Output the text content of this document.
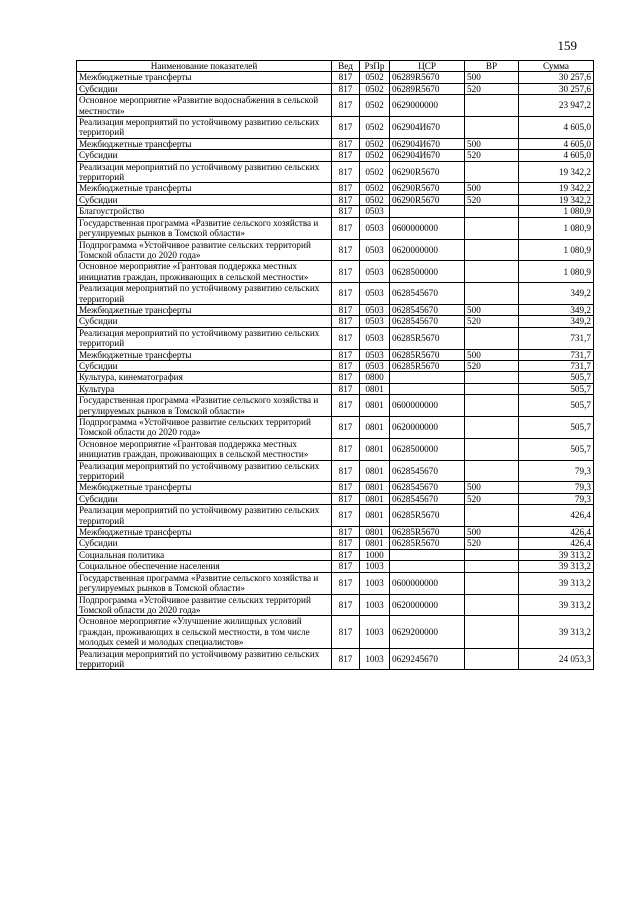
159
Наименование показателей	Вед	РзПр	ЦСР	ВР	Сумма
Межбюджетные трансферты	817	0502	06289R5670	500	30 257,6
Субсидии	817	0502	06289R5670	520	30 257,6
Основное мероприятие «Развитие водоснабжения в сельской местности»	817	0502	0629000000		23 947,2
Реализация мероприятий по устойчивому развитию сельских территорий	817	0502	062904И670		4 605,0
Межбюджетные трансферты	817	0502	062904И670	500	4 605,0
Субсидии	817	0502	062904И670	520	4 605,0
Реализация мероприятий по устойчивому развитию сельских территорий	817	0502	06290R5670		19 342,2
Межбюджетные трансферты	817	0502	06290R5670	500	19 342,2
Субсидии	817	0502	06290R5670	520	19 342,2
Благоустройство	817	0503			1 080,9
Государственная программа «Развитие сельского хозяйства и регулируемых рынков в Томской области»	817	0503	0600000000		1 080,9
Подпрограмма «Устойчивое развитие сельских территорий Томской области до 2020 года»	817	0503	0620000000		1 080,9
Основное мероприятие «Грантовая поддержка местных инициатив граждан, проживающих в сельской местности»	817	0503	0628500000		1 080,9
Реализация мероприятий по устойчивому развитию сельских территорий	817	0503	0628545670		349,2
Межбюджетные трансферты	817	0503	0628545670	500	349,2
Субсидии	817	0503	0628545670	520	349,2
Реализация мероприятий по устойчивому развитию сельских территорий	817	0503	06285R5670		731,7
Межбюджетные трансферты	817	0503	06285R5670	500	731,7
Субсидии	817	0503	06285R5670	520	731,7
Культура, кинематография	817	0800			505,7
Культура	817	0801			505,7
Государственная программа «Развитие сельского хозяйства и регулируемых рынков в Томской области»	817	0801	0600000000		505,7
Подпрограмма «Устойчивое развитие сельских территорий Томской области до 2020 года»	817	0801	0620000000		505,7
Основное мероприятие «Грантовая поддержка местных инициатив граждан, проживающих в сельской местности»	817	0801	0628500000		505,7
Реализация мероприятий по устойчивому развитию сельских территорий	817	0801	0628545670		79,3
Межбюджетные трансферты	817	0801	0628545670	500	79,3
Субсидии	817	0801	0628545670	520	79,3
Реализация мероприятий по устойчивому развитию сельских территорий	817	0801	06285R5670		426,4
Межбюджетные трансферты	817	0801	06285R5670	500	426,4
Субсидии	817	0801	06285R5670	520	426,4
Социальная политика	817	1000			39 313,2
Социальное обеспечение населения	817	1003			39 313,2
Государственная программа «Развитие сельского хозяйства и регулируемых рынков в Томской области»	817	1003	0600000000		39 313,2
Подпрограмма «Устойчивое развитие сельских территорий Томской области до 2020 года»	817	1003	0620000000		39 313,2
Основное мероприятие «Улучшение жилищных условий граждан, проживающих в сельской местности, в том числе молодых семей и молодых специалистов»	817	1003	0629200000		39 313,2
Реализация мероприятий по устойчивому развитию сельских территорий	817	1003	0629245670		24 053,3
